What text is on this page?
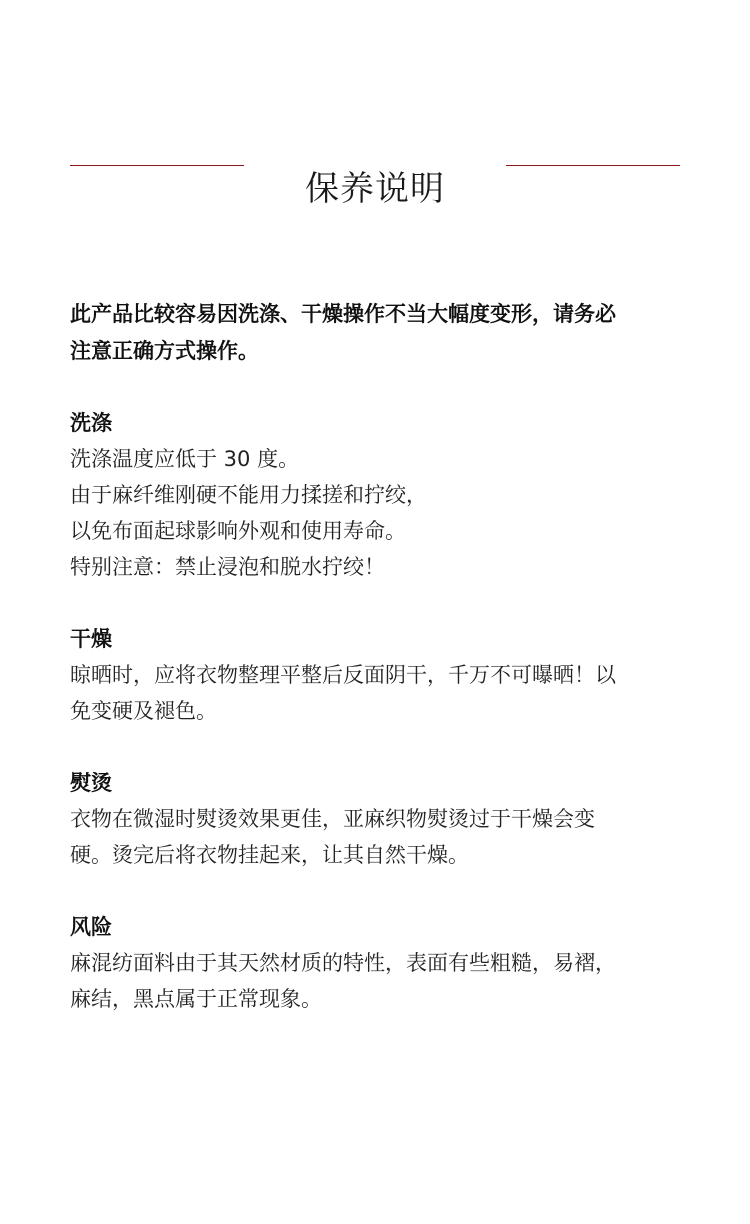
保养说明
此产品比较容易因洗涤、干燥操作不当大幅度变形，请务必
注意正确方式操作。

洗涤

洗涤温度应低于 30 度。

由于麻纤维刚硬不能用力揉搓和拧绞，

以免布面起球影响外观和使用寿命。

特别注意：禁止浸泡和脱水拧绞！

干燥

晾晒时，应将衣物整理平整后反面阴干，千万不可曝晒！以

免变硬及褪色。

熨烫

衣物在微湿时熨烫效果更佳，亚麻织物熨烫过于干燥会变

硬。烫完后将衣物挂起来，让其自然干燥。

风险

麻混纺面料由于其天然材质的特性，表面有些粗糙，易褶，

麻结，黑点属于正常现象。
